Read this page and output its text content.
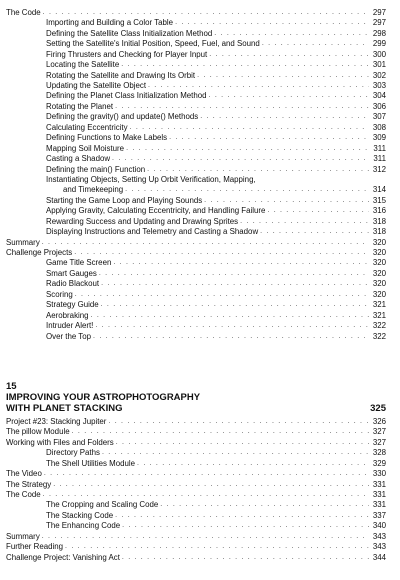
The Code . . .	297
Importing and Building a Color Table . . .	297
Defining the Satellite Class Initialization Method . . .	298
Setting the Satellite's Initial Position, Speed, Fuel, and Sound . . .	299
Firing Thrusters and Checking for Player Input . . .	300
Locating the Satellite . . .	301
Rotating the Satellite and Drawing Its Orbit . . .	302
Updating the Satellite Object . . .	303
Defining the Planet Class Initialization Method . . .	304
Rotating the Planet . . .	306
Defining the gravity() and update() Methods . . .	307
Calculating Eccentricity . . .	308
Defining Functions to Make Labels . . .	309
Mapping Soil Moisture . . .	311
Casting a Shadow . . .	311
Defining the main() Function . . .	312
Instantiating Objects, Setting Up Orbit Verification, Mapping,
and Timekeeping . . .	314
Starting the Game Loop and Playing Sounds . . .	315
Applying Gravity, Calculating Eccentricity, and Handling Failure . . .	316
Rewarding Success and Updating and Drawing Sprites . . .	318
Displaying Instructions and Telemetry and Casting a Shadow . . .	318
Summary . . .	320
Challenge Projects . . .	320
Game Title Screen . . .	320
Smart Gauges . . .	320
Radio Blackout . . .	320
Scoring . . .	320
Strategy Guide . . .	321
Aerobraking . . .	321
Intruder Alert! . . .	322
Over the Top . . .	322
15
IMPROVING YOUR ASTROPHOTOGRAPHY
WITH PLANET STACKING	325
Project #23: Stacking Jupiter . . .	326
The pillow Module . . .	327
Working with Files and Folders . . .	327
Directory Paths . . .	328
The Shell Utilities Module . . .	329
The Video . . .	330
The Strategy . . .	331
The Code . . .	331
The Cropping and Scaling Code . . .	331
The Stacking Code . . .	337
The Enhancing Code . . .	340
Summary . . .	343
Further Reading . . .	343
Challenge Project: Vanishing Act . . .	344
